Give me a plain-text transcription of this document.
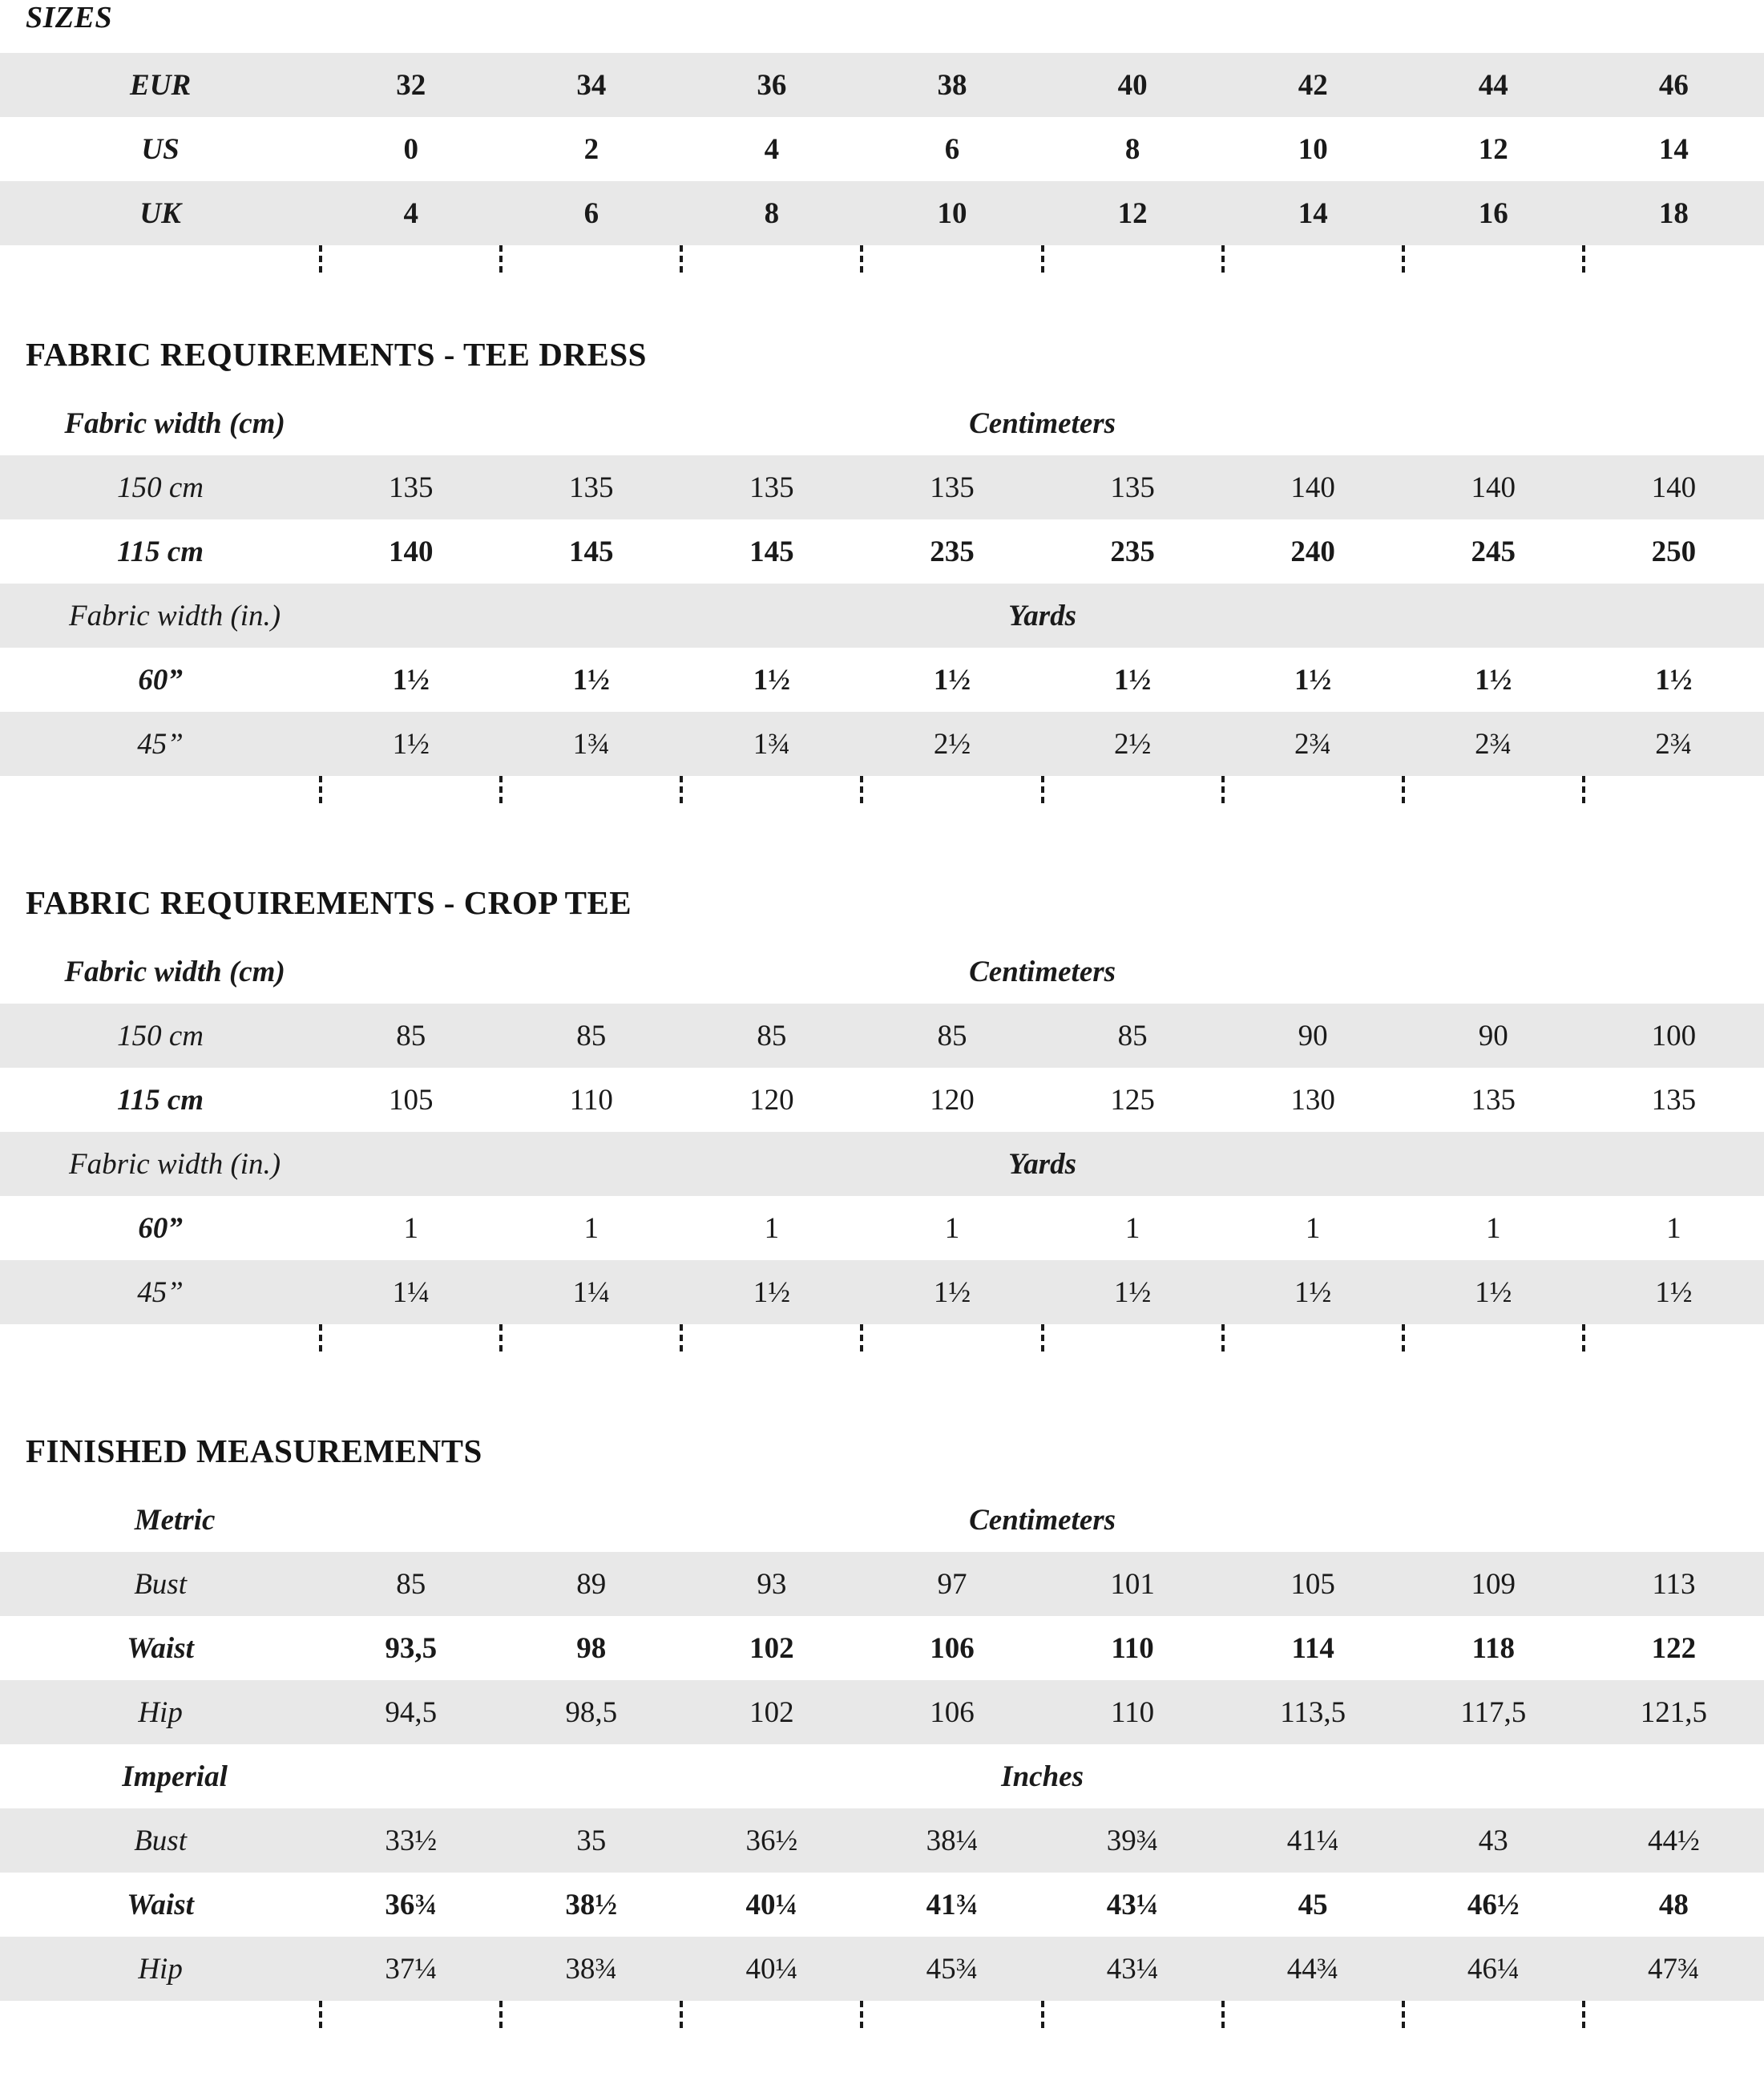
SIZES
EUR	32	34	36	38	40	42	44	46
US	0	2	4	6	8	10	12	14
UK	4	6	8	10	12	14	16	18

FABRIC REQUIREMENTS - TEE DRESS
Fabric width (cm)	Centimeters							
150 cm	135	135	135	135	135	140	140	140
115 cm	140	145	145	235	235	240	245	250
Fabric width (in.)	Yards							
60”	1½	1½	1½	1½	1½	1½	1½	1½
45”	1½	1¾	1¾	2½	2½	2¾	2¾	2¾

FABRIC REQUIREMENTS - CROP TEE
Fabric width (cm)	Centimeters							
150 cm	85	85	85	85	85	90	90	100
115 cm	105	110	120	120	125	130	135	135
Fabric width (in.)	Yards							
60”	1	1	1	1	1	1	1	1
45”	1¼	1¼	1½	1½	1½	1½	1½	1½

FINISHED MEASUREMENTS
Metric	Centimeters							
Bust	85	89	93	97	101	105	109	113
Waist	93,5	98	102	106	110	114	118	122
Hip	94,5	98,5	102	106	110	113,5	117,5	121,5
Imperial	Inches							
Bust	33½	35	36½	38¼	39¾	41¼	43	44½
Waist	36¾	38½	40¼	41¾	43¼	45	46½	48
Hip	37¼	38¾	40¼	45¾	43¼	44¾	46¼	47¾
